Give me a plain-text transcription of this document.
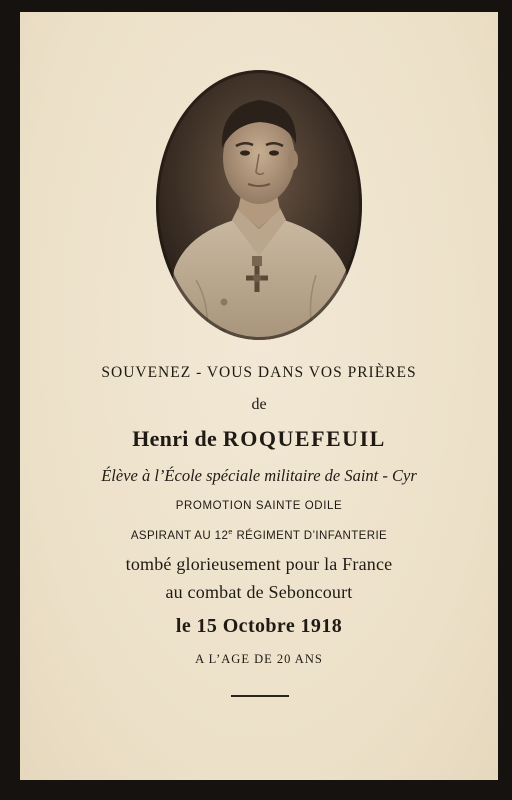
SOUVENEZ - VOUS DANS VOS PRIÈRES
de
Henri de ROQUEFEUIL
Élève à l’École spéciale militaire de Saint - Cyr
PROMOTION SAINTE ODILE
ASPIRANT AU 12e RÉGIMENT D’INFANTERIE
tombé glorieusement pour la France
au combat de Sebonc​ourt
le 15 Octobre 1918
A L’AGE DE 20 ANS
